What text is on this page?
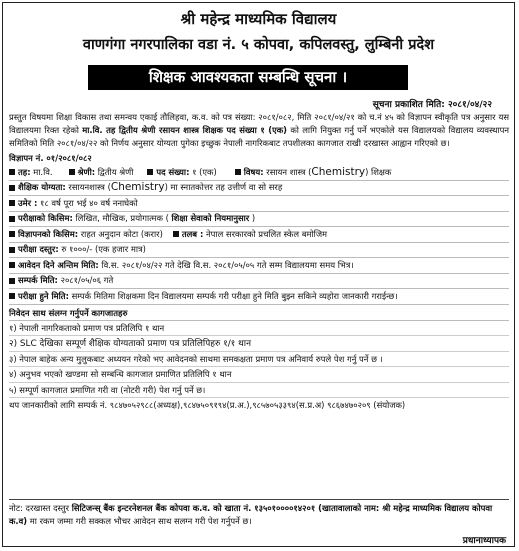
श्री महेन्द्र माध्यमिक विद्यालय
वाणगंगा नगरपालिका वडा नं. ५ कोपवा, कपिलवस्तु, लुम्बिनी प्रदेश
शिक्षक आवश्यकता सम्बन्धि सूचना ।
सूचना प्रकाशित मिति: २०८१/०४/२२

प्रस्तुत विषयमा शिक्षा विकास तथा समन्वय एकाई तौलिहवा, क.व. को पत्र संख्या: २०८१/०८२, मिति २०८१/०४/२१ को च.नं ४५ को विज्ञापन स्वीकृति पत्र अनुसार यस विद्यालयमा रिक्त रहेको मा.वि. तह द्वितीय श्रेणी रसायन शास्त्र शिक्षक पद संख्या १ (एक) को लागि नियुक्त गर्नु पर्ने भएकोले यस विद्यालयको विद्यालय व्यवस्थापन समितिको मिति २०८१/०४/२२ को निर्णय अनुसार योग्यता पुगेका इच्छुक नेपाली नागरिकबाट तपशीलका कागजात राखी दरखास्त आह्वान गरिएको छ।

विज्ञापन नं. ०१/२०८१/०८२
तह:
मा.वि.	श्रेणी:
द्वितीय श्रेणी	पद संख्या:
१ (एक)	विषय:
रसायन शास्त्र ( Chemistry ) शिक्षक
शैक्षिक योग्यता:
रसायनशास्त्र ( Chemistry ) मा स्नातकोत्तर तह उत्तीर्ण वा सो सरह
उमेर :
१८ वर्ष पूरा भई ४० वर्ष ननाघेको
परीक्षाको किसिम:
लिखित, मौखिक, प्रयोगात्मक (
शिक्षा सेवाको नियमानुसार
)
विज्ञापनको किसिम:
राहत अनुदान कोटा (करार) तलब :
नेपाल सरकारको प्रचलित स्केल बमोजिम
परीक्षा दस्तुर:
रु १०००/- (एक हजार मात्र)
आवेदन दिने अन्तिम मिति:
वि.स. २०८१/०४/२२ गते देखि वि.स. २०८१/०५/०५ गते सम्म विद्यालयमा समय भित्र।
सम्पर्क मिति:
२०८१/०५/०६ गते
परीक्षा हुने मिति:
सम्पर्क मितिमा शिक्षकमा दिन विद्यालयमा सम्पर्क गरी परीक्षा हुने मिति बुझ्न सकिने व्यहोरा जानकारी गराईन्छ।
निवेदन साथ संलग्न गर्नुपर्ने कागजातहरु
१) नेपाली नागरिकताको प्रमाण पत्र प्रतिलिपि १ थान
२) SLC देखिका सम्पूर्ण शैक्षिक योग्यताको प्रमाण पत्र प्रतिलिपिहरु १/१ थान
३) नेपाल बाहेक अन्य मुलुकबाट अध्ययन गरेको भए आवेदनको साथमा समकक्षता प्रमाण पत्र अनिवार्य रुपले पेश गर्नु पर्ने छ ।
४) अनुभव भएको खण्डमा सो सम्बन्धि कागजात प्रमाणित प्रतिलिपि १ थान
५) सम्पूर्ण कागजात प्रमाणित गरी वा (नोटरी गरी) पेश गर्नु पर्ने छ।
थप जानकारीको लागि सम्पर्क नं. ९८४७०५२९८८(अध्यक्ष),९८४७५०९१९४(प्र.अ.),९८५७०५३३९४(स.प्र.अ) ९८६७४७०२०९ (संयोजक)
नोट: दरखास्त दस्तुर सिटिजन्स् बैंक इन्टरनेशनल बैंक कोपवा क.व. को खाता नं. १३५०१००००१४२०१ (खातावालाको नाम: श्री महेन्द्र माध्यमिक विद्यालय कोपवा क.व) मा रकम जम्मा गरी सक्कल भौचर आवेदन साथ सलग्न गरी पेश गर्नुपर्ने छ।
प्रधानाध्यापक
